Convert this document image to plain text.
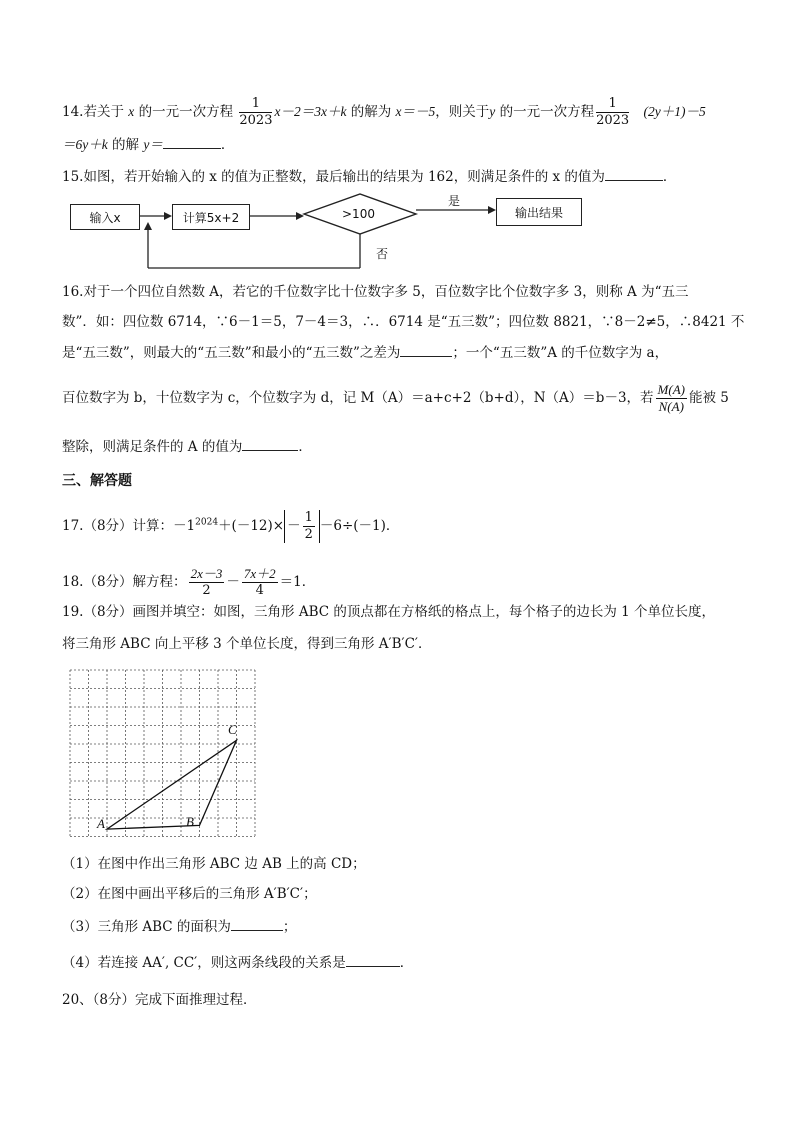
14.若关于 x 的一元一次方程 $\frac{1}{2023} x-2=3x+k$ 的解为 x＝－5，则关于y 的一元一次方程 $\frac{1}{2023} (2y+1)-5$
＝6y＋k 的解 y＝	．
15.如图，若开始输入的 x 的值为正整数，最后输出的结果为 162，则满足条件的 x 的值为	．
输入x	计算5x+2	>100
是
否
输出结果
16.对于一个四位自然数 A，若它的千位数字比十位数字多 5，百位数字比个位数字多 3，则称 A 为“五三
数”．如：四位数 6714，∵6－1＝5，7－4＝3，∴．6714 是“五三数”；四位数 8821，∵8－2≠5，∴8421 不
是“五三数”，则最大的“五三数”和最小的“五三数”之差为	；一个“五三数”A 的千位数字为 a，
百位数字为 b，十位数字为 c，个位数字为 d，记 M（A）＝a+c+2（b+d），N（A）＝b－3，若 $\frac{M(A)}{N(A)}$ 能被 5
整除，则满足条件的 A 的值为	．
三、解答题
17.（8分）计算：$-1^{2024}+(-12)\times - \frac{1}{2} -6\div(-1)$．
18.（8分）解方程： $\frac{2x-3}{2} - \frac{7x+2}{4} =1$．
19.（8分）画图并填空：如图，三角形 ABC 的顶点都在方格纸的格点上，每个格子的边长为 1 个单位长度，
将三角形 ABC 向上平移 3 个单位长度，得到三角形 A′B′C′．
A	B
C
（1）在图中作出三角形 ABC 边 AB 上的高 CD；
（2）在图中画出平移后的三角形 A′B′C′；
（3）三角形 ABC 的面积为	；
（4）若连接 AA′, CC′，则这两条线段的关系是	．
20、（8分）完成下面推理过程．
